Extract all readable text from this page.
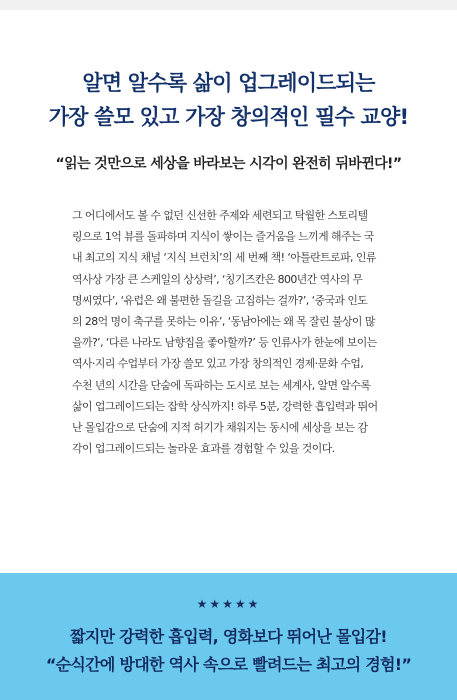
알면 알수록 삶이 업그레이드되는
가장 쓸모 있고 가장 창의적인 필수 교양!
“읽는 것만으로 세상을 바라보는 시각이 완전히 뒤바뀐다!”
그 어디에서도 볼 수 없던 신선한 주제와 세련되고 탁월한 스토리텔
링으로 1억 뷰를 돌파하며 지식이 쌓이는 즐거움을 느끼게 해주는 국
내 최고의 지식 채널 ‘지식 브런치’의 세 번째 책! ‘아틀란트로파, 인류
역사상 가장 큰 스케일의 상상력’, ‘칭기즈칸은 800년간 역사의 무
명씨였다’, ‘유럽은 왜 불편한 돌길을 고집하는 걸까?’, ‘중국과 인도
의 28억 명이 축구를 못하는 이유’, ‘동남아에는 왜 목 잘린 불상이 많
을까?’, ‘다른 나라도 남향집을 좋아할까?’ 등 인류사가 한눈에 보이는
역사·지리 수업부터 가장 쓸모 있고 가장 창의적인 경제·문화 수업,
수천 년의 시간을 단숨에 독파하는 도시로 보는 세계사, 알면 알수록
삶이 업그레이드되는 잡학 상식까지! 하루 5분, 강력한 흡입력과 뛰어
난 몰입감으로 단숨에 지적 허기가 채워지는 동시에 세상을 보는 감
각이 업그레이드되는 놀라운 효과를 경험할 수 있을 것이다.
★★★★★
짧지만 강력한 흡입력, 영화보다 뛰어난 몰입감!
“순식간에 방대한 역사 속으로 빨려드는 최고의 경험!”
